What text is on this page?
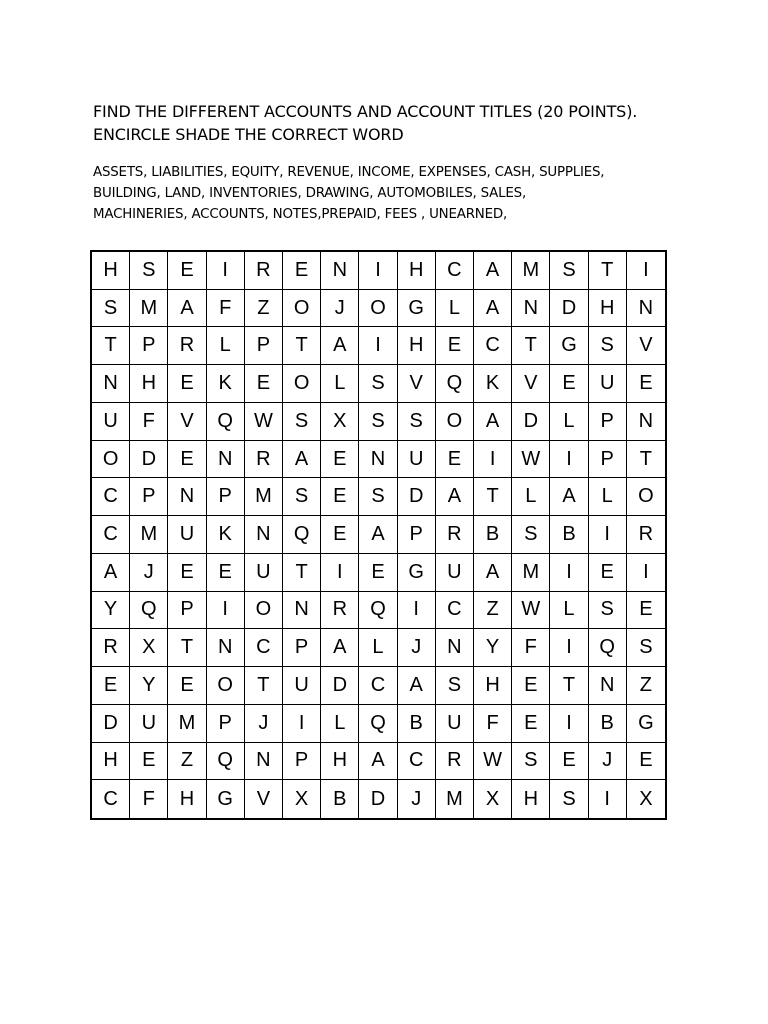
FIND THE DIFFERENT ACCOUNTS AND ACCOUNT TITLES (20 POINTS).
ENCIRCLE SHADE THE CORRECT WORD
ASSETS, LIABILITIES, EQUITY, REVENUE, INCOME, EXPENSES, CASH, SUPPLIES,
BUILDING, LAND, INVENTORIES, DRAWING, AUTOMOBILES, SALES,
MACHINERIES, ACCOUNTS, NOTES,PREPAID, FEES , UNEARNED,
H	S	E	I	R	E	N	I	H	C	A	M	S	T	I
S	M	A	F	Z	O	J	O	G	L	A	N	D	H	N
T	P	R	L	P	T	A	I	H	E	C	T	G	S	V
N	H	E	K	E	O	L	S	V	Q	K	V	E	U	E
U	F	V	Q	W	S	X	S	S	O	A	D	L	P	N
O	D	E	N	R	A	E	N	U	E	I	W	I	P	T
C	P	N	P	M	S	E	S	D	A	T	L	A	L	O
C	M	U	K	N	Q	E	A	P	R	B	S	B	I	R
A	J	E	E	U	T	I	E	G	U	A	M	I	E	I
Y	Q	P	I	O	N	R	Q	I	C	Z	W	L	S	E
R	X	T	N	C	P	A	L	J	N	Y	F	I	Q	S
E	Y	E	O	T	U	D	C	A	S	H	E	T	N	Z
D	U	M	P	J	I	L	Q	B	U	F	E	I	B	G
H	E	Z	Q	N	P	H	A	C	R	W	S	E	J	E
C	F	H	G	V	X	B	D	J	M	X	H	S	I	X
